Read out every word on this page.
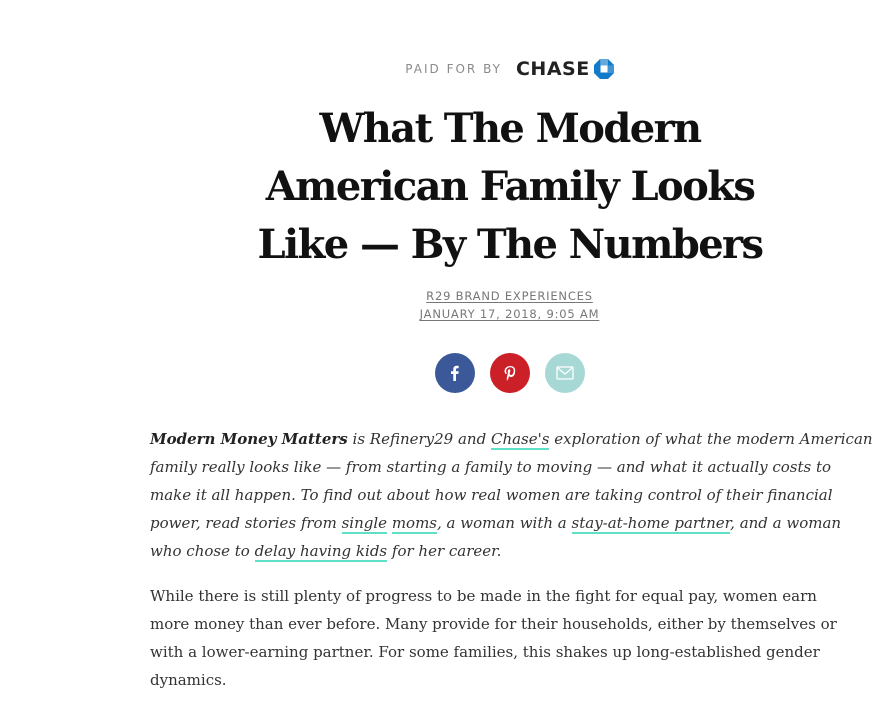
PAID FOR BY CHASE
What The Modern American Family Looks Like — By The Numbers
R29 BRAND EXPERIENCES
JANUARY 17, 2018, 9:05 AM

Modern Money Matters is Refinery29 and Chase's exploration of what the modern American family really looks like — from starting a family to moving — and what it actually costs to make it all happen. To find out about how real women are taking control of their financial power, read stories from single moms, a woman with a stay-at-home partner, and a woman who chose to delay having kids for her career.

While there is still plenty of progress to be made in the fight for equal pay, women earn more money than ever before. Many provide for their households, either by themselves or with a lower-earning partner. For some families, this shakes up long-established gender dynamics.
